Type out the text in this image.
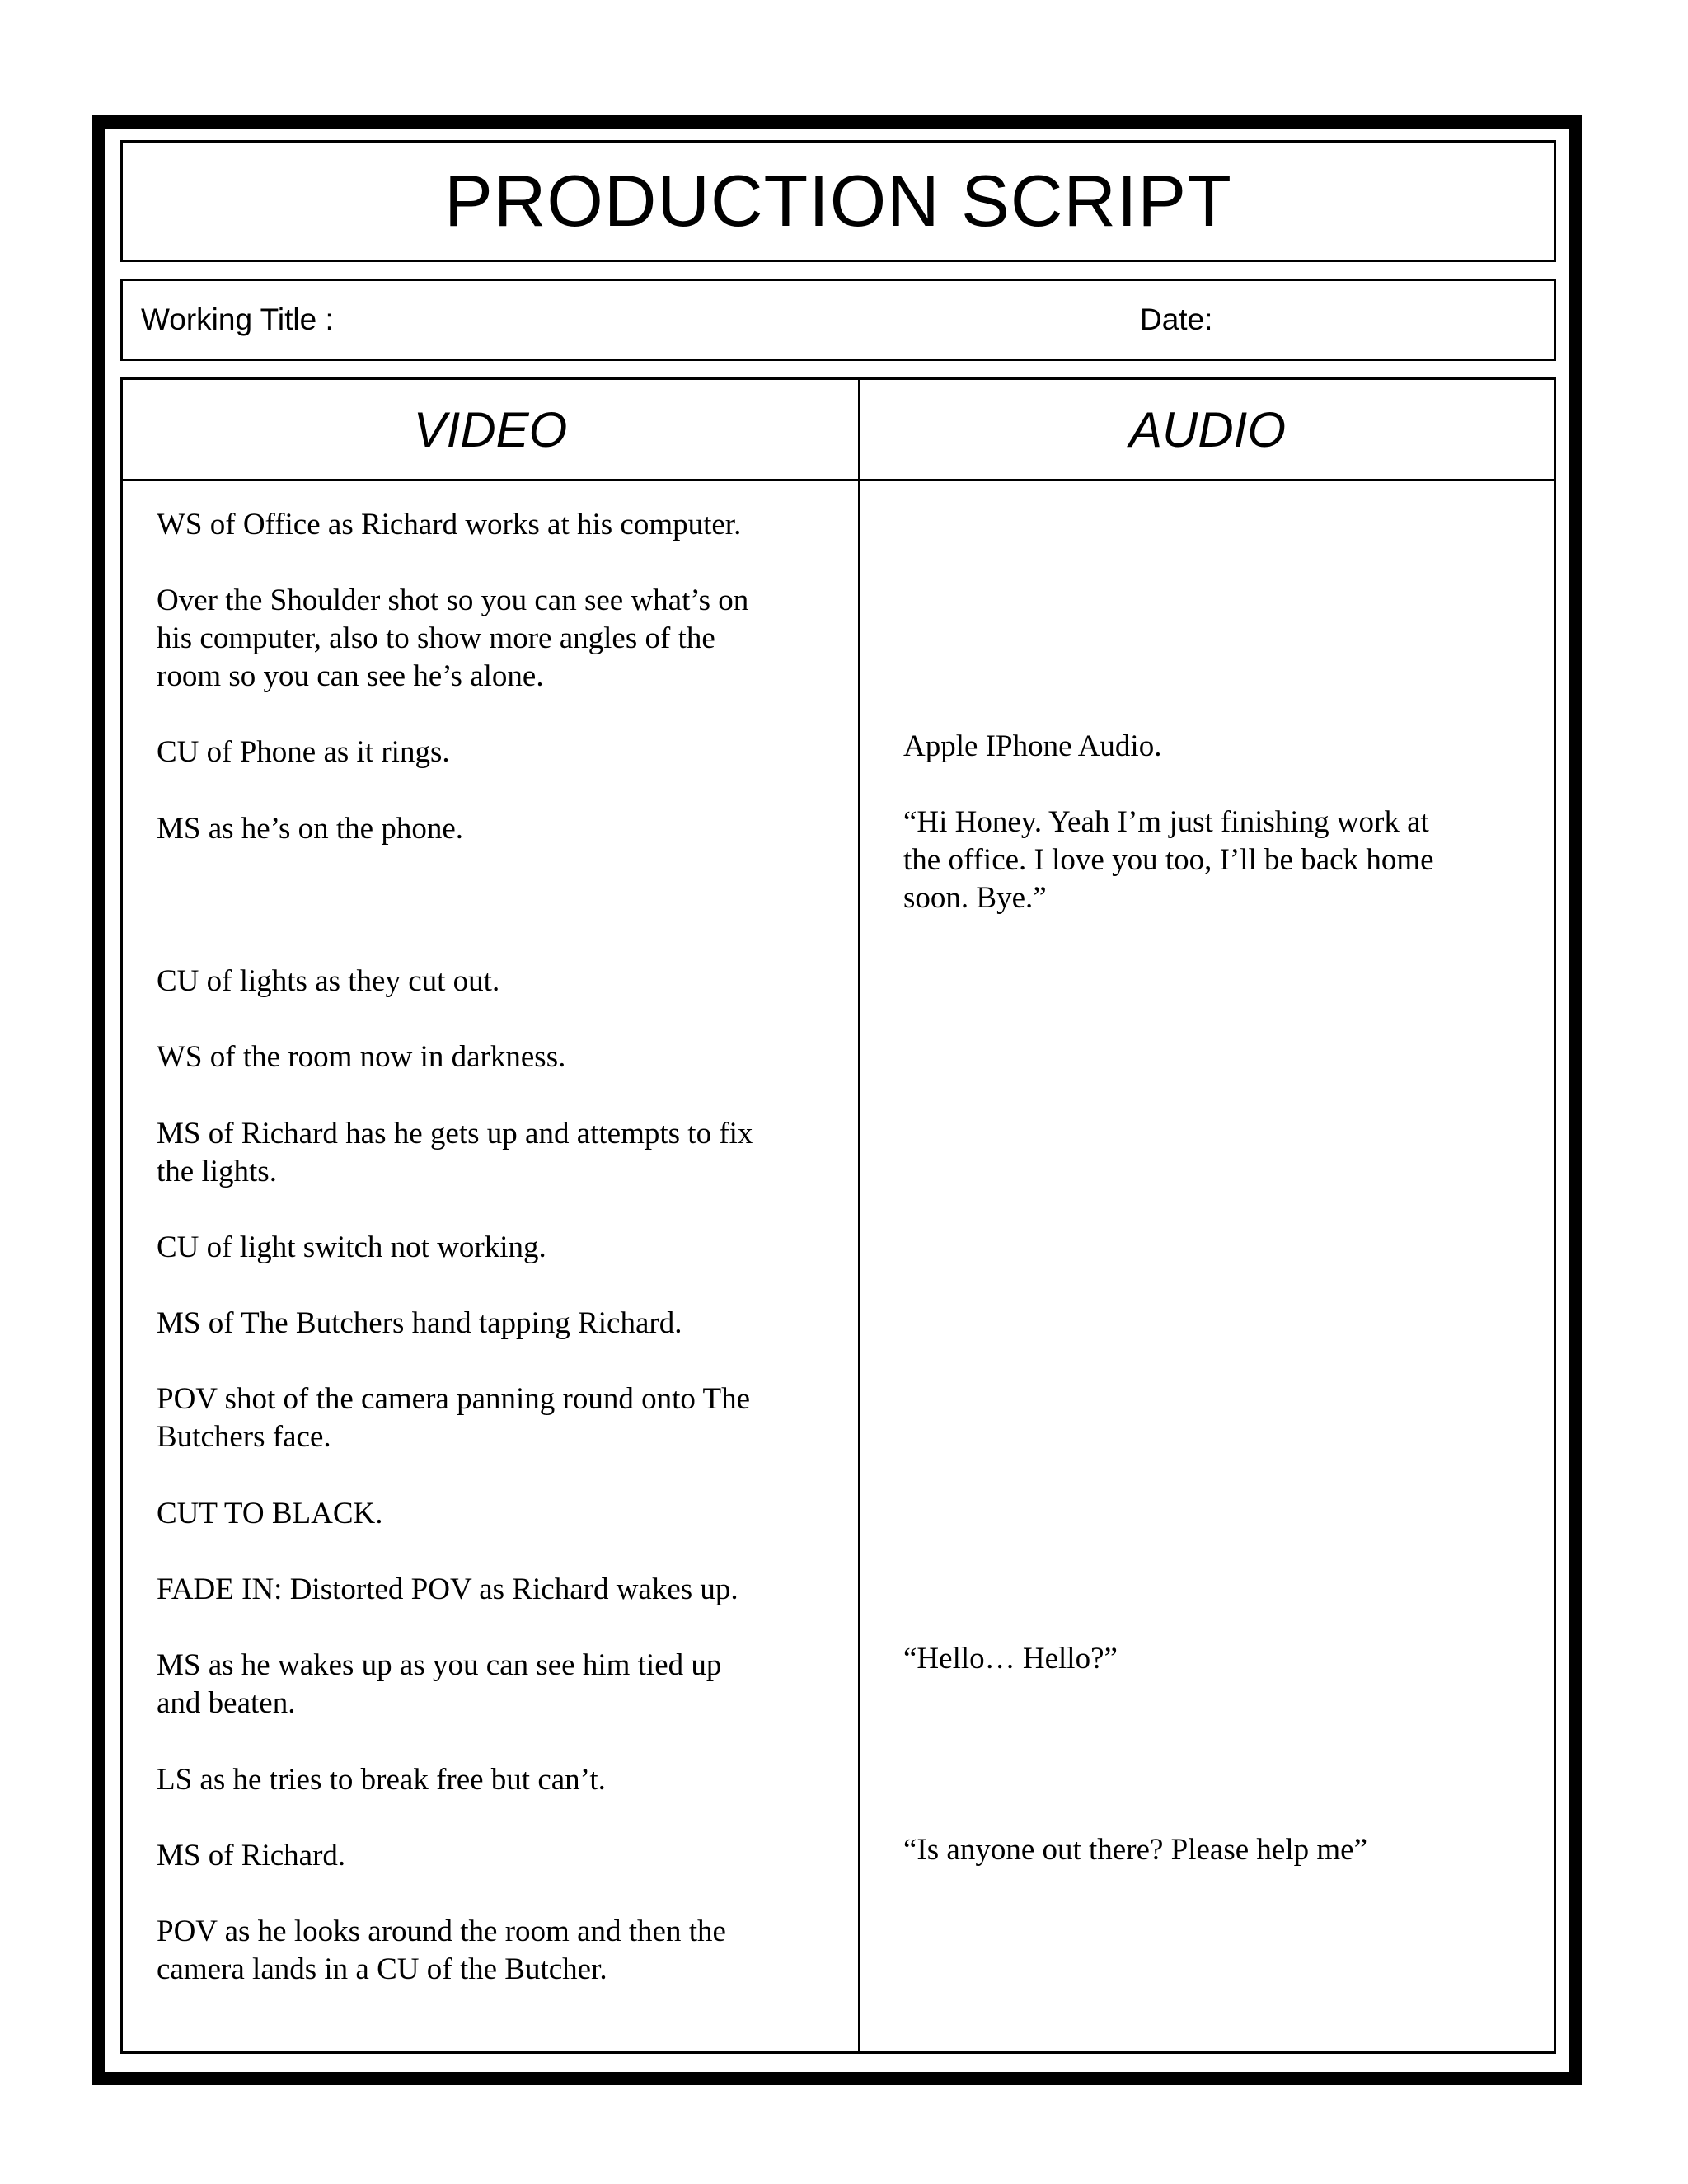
PRODUCTION SCRIPT
Working Title :	Date:
VIDEO	AUDIO
WS of Office as Richard works at his computer.
Over the Shoulder shot so you can see what’s on
his computer, also to show more angles of the
room so you can see he’s alone.
CU of Phone as it rings.
MS as he’s on the phone.
CU of lights as they cut out.
WS of the room now in darkness.
MS of Richard has he gets up and attempts to fix
the lights.
CU of light switch not working.
MS of The Butchers hand tapping Richard.
POV shot of the camera panning round onto The
Butchers face.
CUT TO BLACK.
FADE IN: Distorted POV as Richard wakes up.
MS as he wakes up as you can see him tied up
and beaten.
LS as he tries to break free but can’t.
MS of Richard.
POV as he looks around the room and then the
camera lands in a CU of the Butcher.
Apple IPhone Audio.
“Hi Honey. Yeah I’m just finishing work at
the office. I love you too, I’ll be back home
soon. Bye.”
“Hello… Hello?”
“Is anyone out there? Please help me”
